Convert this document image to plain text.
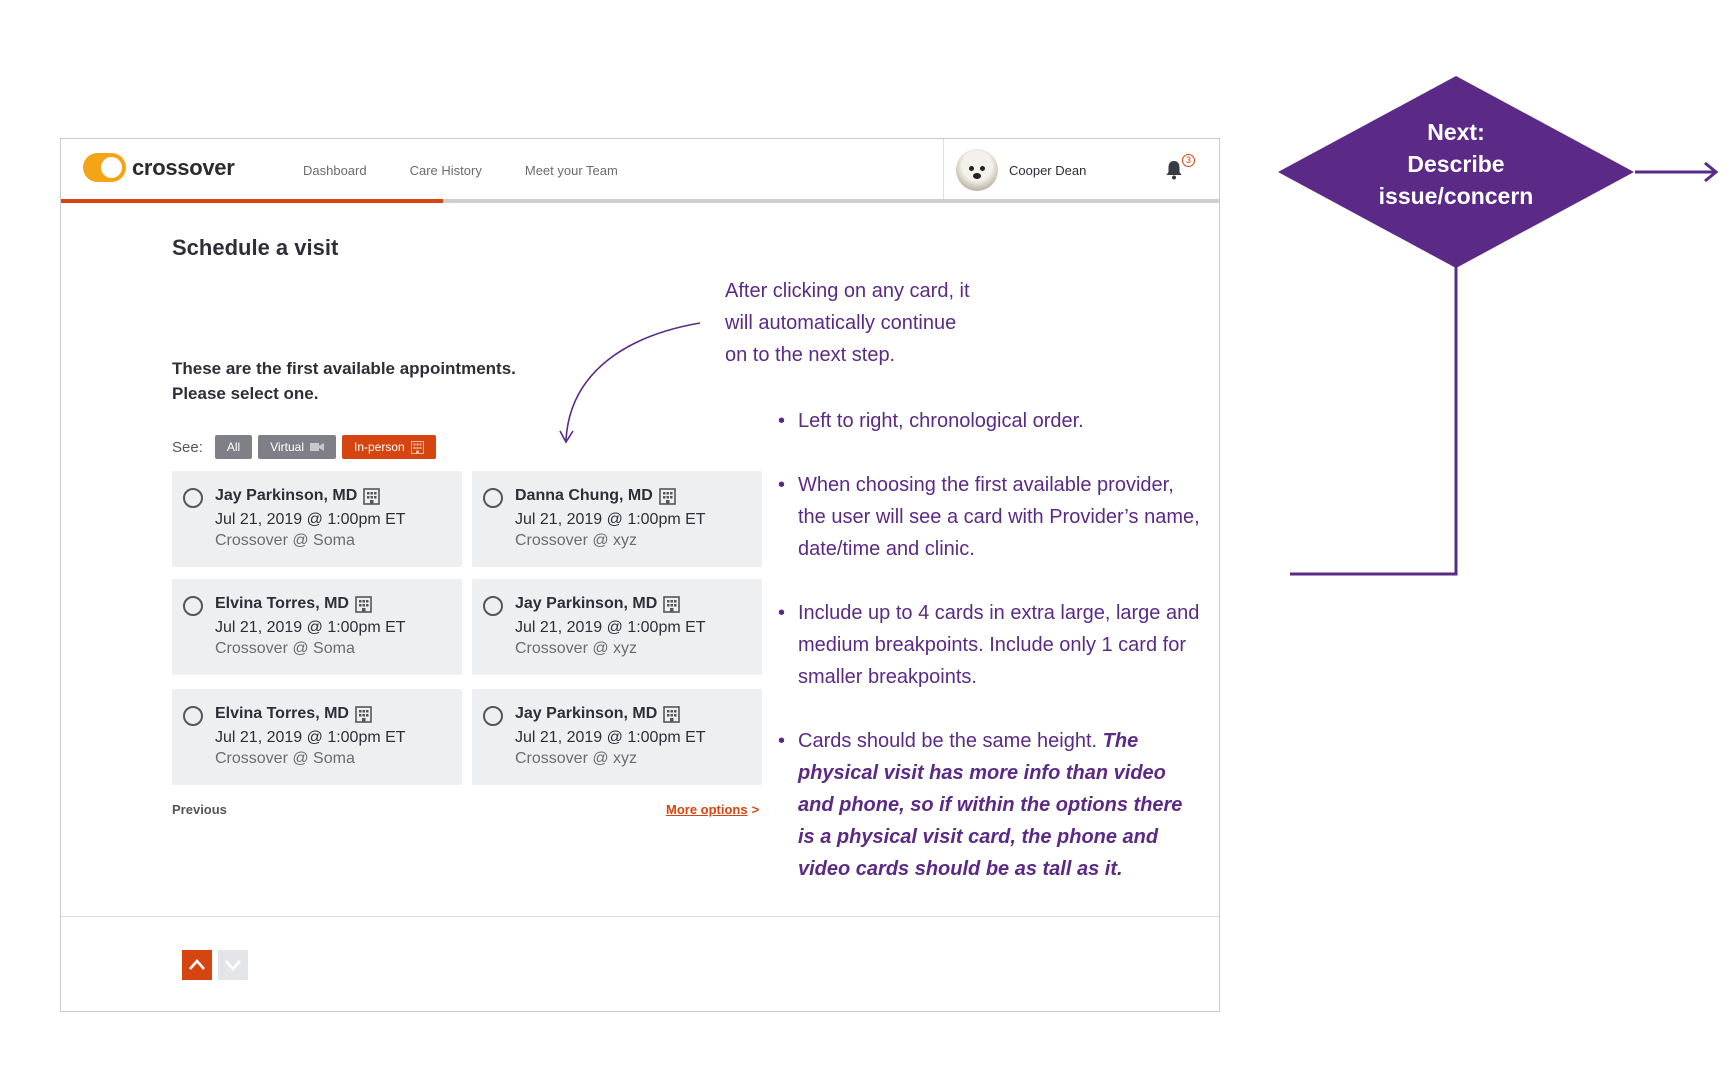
crossover	Dashboard	Care History	Meet your Team	Cooper Dean
3
Schedule a visit
These are the first available appointments.
Please select one.
See: All	Virtual	In-person
Jay Parkinson, MD
Jul 21, 2019 @ 1:00pm ET
Crossover @ Soma
Danna Chung, MD
Jul 21, 2019 @ 1:00pm ET
Crossover @ xyz
Elvina Torres, MD
Jul 21, 2019 @ 1:00pm ET
Crossover @ Soma
Jay Parkinson, MD
Jul 21, 2019 @ 1:00pm ET
Crossover @ xyz
Elvina Torres, MD
Jul 21, 2019 @ 1:00pm ET
Crossover @ Soma
Jay Parkinson, MD
Jul 21, 2019 @ 1:00pm ET
Crossover @ xyz
Previous	More options >
After clicking on any card, it
will automatically continue
on to the next step.
• Left to right, chronological order.
• When choosing the first available provider, the user will see a card with Provider’s name, date/time and clinic.
• Include up to 4 cards in extra large, large and medium breakpoints. Include only 1 card for smaller breakpoints.
• Cards should be the same height. The physical visit has more info than video and phone, so if within the options there is a physical visit card, the phone and video cards should be as tall as it.
Next:
Describe
issue/concern
